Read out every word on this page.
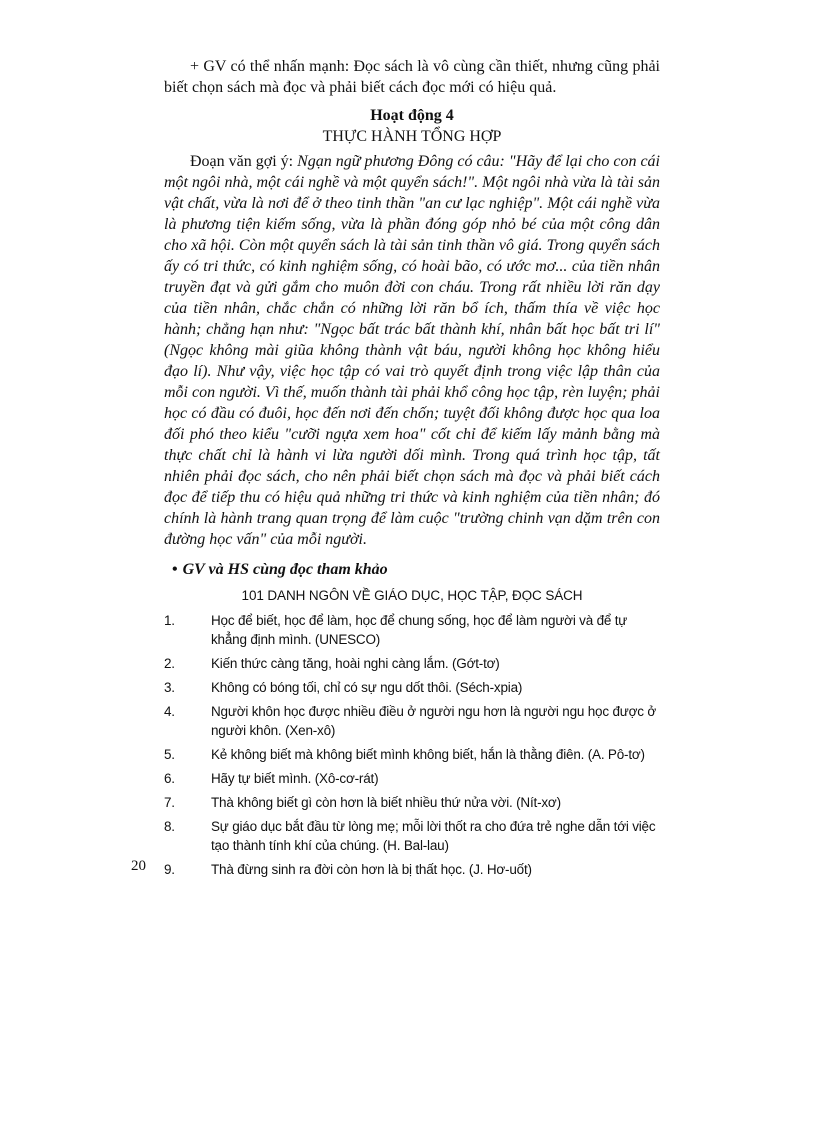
+ GV có thể nhấn mạnh: Đọc sách là vô cùng cần thiết, nhưng cũng phải biết chọn sách mà đọc và phải biết cách đọc mới có hiệu quả.

Hoạt động 4

THỰC HÀNH TỔNG HỢP

Đoạn văn gợi ý: Ngạn ngữ phương Đông có câu: "Hãy để lại cho con cái một ngôi nhà, một cái nghề và một quyển sách!". Một ngôi nhà vừa là tài sản vật chất, vừa là nơi để ở theo tinh thần "an cư lạc nghiệp". Một cái nghề vừa là phương tiện kiếm sống, vừa là phần đóng góp nhỏ bé của một công dân cho xã hội. Còn một quyển sách là tài sản tinh thần vô giá. Trong quyển sách ấy có tri thức, có kinh nghiệm sống, có hoài bão, có ước mơ... của tiền nhân truyền đạt và gửi gắm cho muôn đời con cháu. Trong rất nhiều lời răn dạy của tiền nhân, chắc chắn có những lời răn bổ ích, thấm thía về việc học hành; chẳng hạn như: "Ngọc bất trác bất thành khí, nhân bất học bất tri lí" (Ngọc không mài giũa không thành vật báu, người không học không hiểu đạo lí). Như vậy, việc học tập có vai trò quyết định trong việc lập thân của mỗi con người. Vì thế, muốn thành tài phải khổ công học tập, rèn luyện; phải học có đầu có đuôi, học đến nơi đến chốn; tuyệt đối không được học qua loa đối phó theo kiểu "cưỡi ngựa xem hoa" cốt chỉ để kiếm lấy mảnh bằng mà thực chất chỉ là hành vi lừa người dối mình. Trong quá trình học tập, tất nhiên phải đọc sách, cho nên phải biết chọn sách mà đọc và phải biết cách đọc để tiếp thu có hiệu quả những tri thức và kinh nghiệm của tiền nhân; đó chính là hành trang quan trọng để làm cuộc "trường chinh vạn dặm trên con đường học vấn" của mỗi người.

• GV và HS cùng đọc tham khảo

101 DANH NGÔN VỀ GIÁO DỤC, HỌC TẬP, ĐỌC SÁCH

1.	Học để biết, học để làm, học để chung sống, học để làm người và để tự khẳng định mình. (UNESCO)
2.	Kiến thức càng tăng, hoài nghi càng lắm. (Gớt-tơ)
3.	Không có bóng tối, chỉ có sự ngu dốt thôi. (Séch-xpia)
4.	Người khôn học được nhiều điều ở người ngu hơn là người ngu học được ở người khôn. (Xen-xô)
5.	Kẻ không biết mà không biết mình không biết, hắn là thằng điên. (A. Pô-tơ)
6.	Hãy tự biết mình. (Xô-cơ-rát)
7.	Thà không biết gì còn hơn là biết nhiều thứ nửa vời. (Nít-xơ)
8.	Sự giáo dục bắt đầu từ lòng mẹ; mỗi lời thốt ra cho đứa trẻ nghe dẫn tới việc tạo thành tính khí của chúng. (H. Bal-lau)
9.	Thà đừng sinh ra đời còn hơn là bị thất học. (J. Hơ-uốt)
20
